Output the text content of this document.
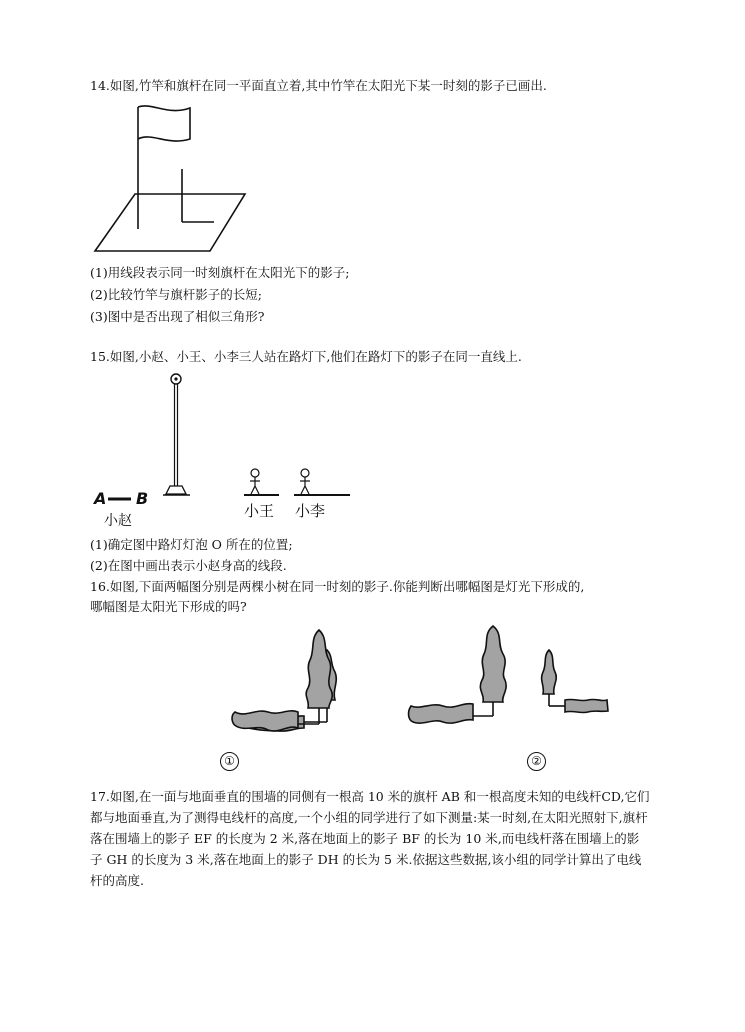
14.如图,竹竿和旗杆在同一平面直立着,其中竹竿在太阳光下某一时刻的影子已画出.
(1)用线段表示同一时刻旗杆在太阳光下的影子;
(2)比较竹竿与旗杆影子的长短;
(3)图中是否出现了相似三角形?
15.如图,小赵、小王、小李三人站在路灯下,他们在路灯下的影子在同一直线上.
A B
小赵
小王 小李
(1)确定图中路灯灯泡 O 所在的位置;
(2)在图中画出表示小赵身高的线段.
16.如图,下面两幅图分别是两棵小树在同一时刻的影子.你能判断出哪幅图是灯光下形成的,
哪幅图是太阳光下形成的吗?
①	②
17.如图,在一面与地面垂直的围墙的同侧有一根高 10 米的旗杆 AB 和一根高度未知的电线杆CD,它们都与地面垂直,为了测得电线杆的高度,一个小组的同学进行了如下测量:某一时刻,在太阳光照射下,旗杆落在围墙上的影子 EF 的长度为 2 米,落在地面上的影子 BF 的长为 10 米,而电线杆落在围墙上的影子 GH 的长度为 3 米,落在地面上的影子 DH 的长为 5 米.依据这些数据,该小组的同学计算出了电线杆的高度.
